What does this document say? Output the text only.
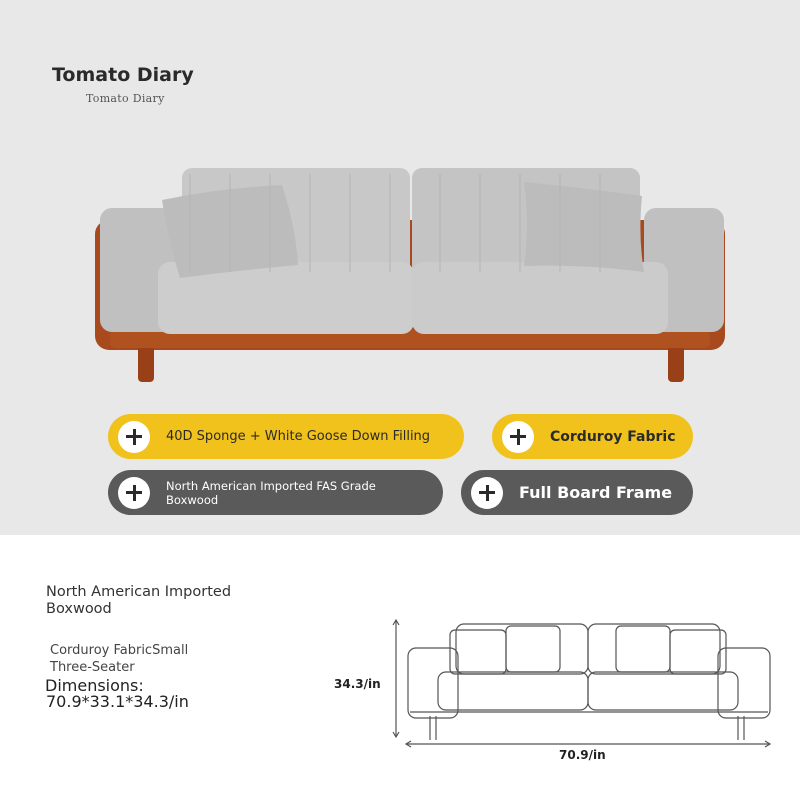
Tomato Diary
Tomato Diary
40D Sponge + White Goose Down Filling	Corduroy Fabric
North American Imported FAS Grade Boxwood	Full Board Frame
North American Imported Boxwood
Corduroy FabricSmall
Three-Seater
Dimensions:
70.9*33.1*34.3/in
34.3/in
70.9/in
